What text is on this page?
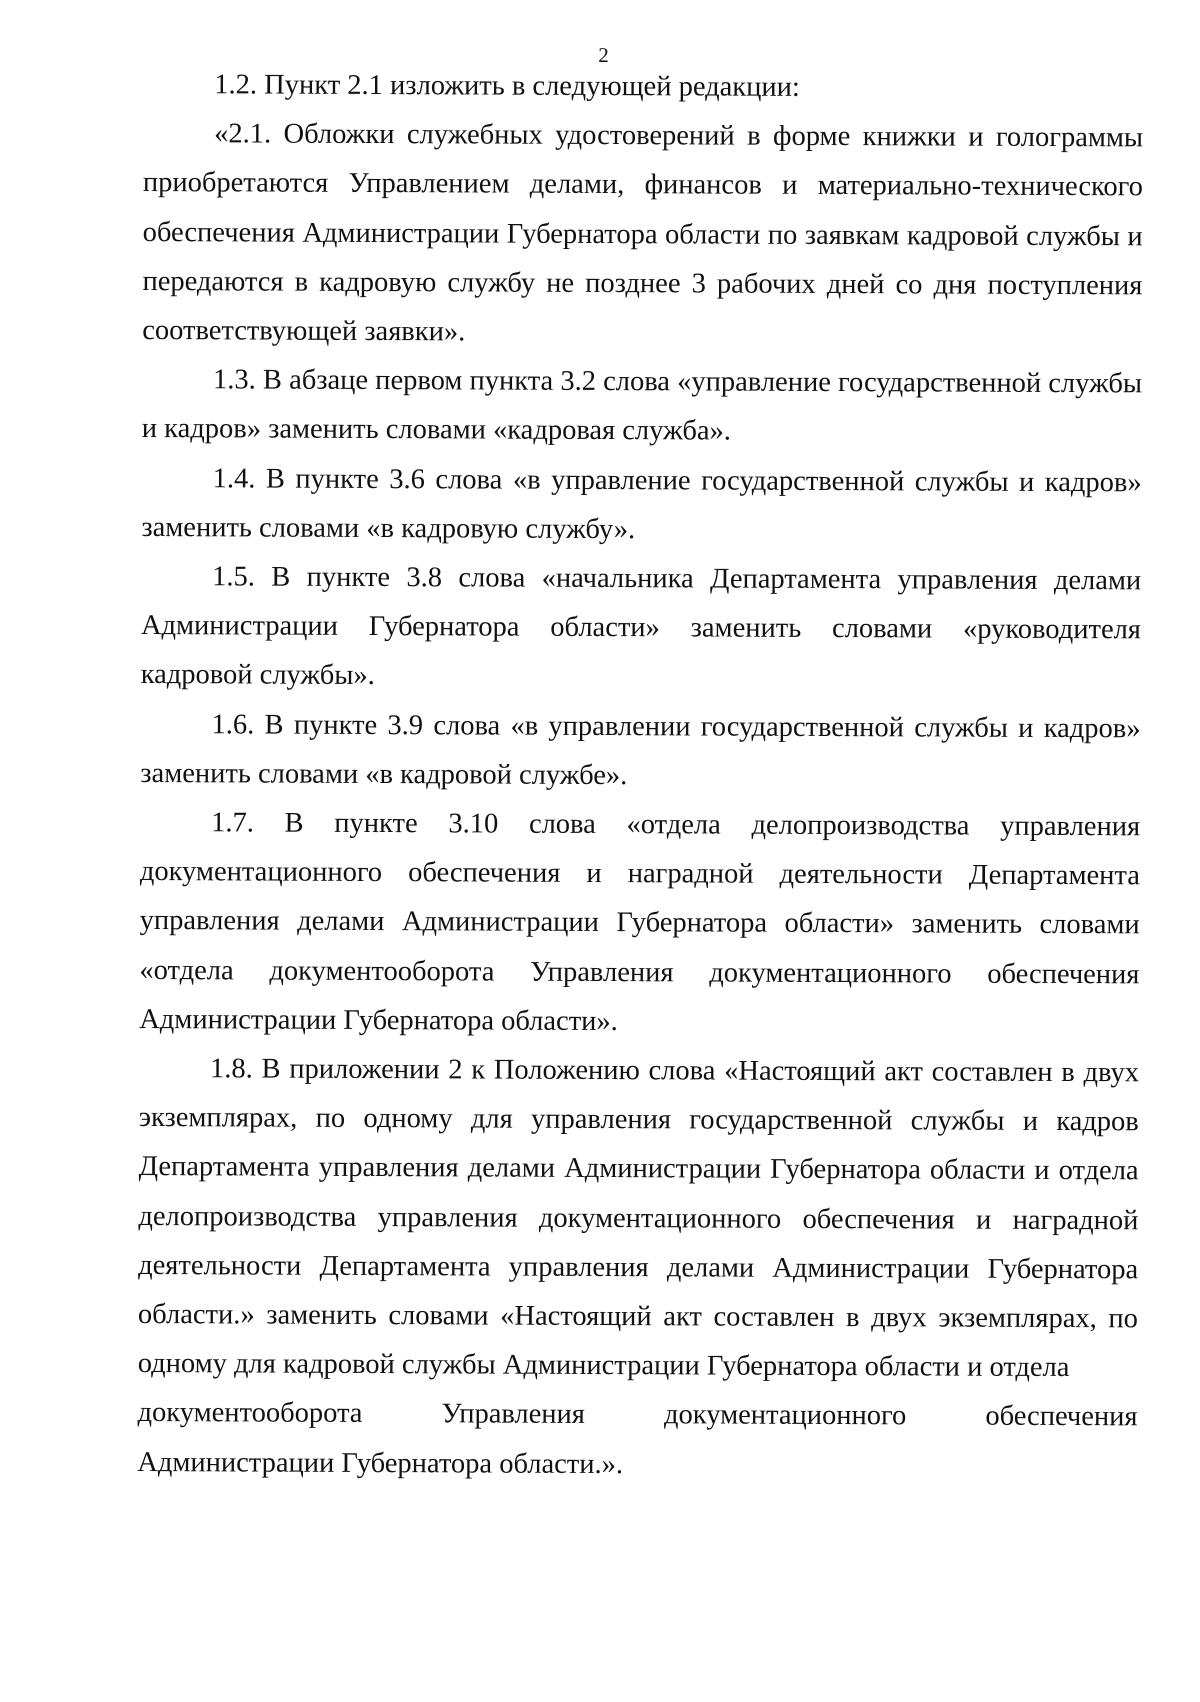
2

1.2. Пункт 2.1 изложить в следующей редакции:

«2.1. Обложки служебных удостоверений в форме книжки и голограммы приобретаются Управлением делами, финансов и материально-технического обеспечения Администрации Губернатора области по заявкам кадровой службы и передаются в кадровую службу не позднее 3 рабочих дней со дня поступления соответствующей заявки».

1.3. В абзаце первом пункта 3.2 слова «управление государственной службы и кадров» заменить словами «кадровая служба».

1.4. В пункте 3.6 слова «в управление государственной службы и кадров» заменить словами «в кадровую службу».

1.5. В пункте 3.8 слова «начальника Департамента управления делами Администрации Губернатора области» заменить словами «руководителя кадровой службы».

1.6. В пункте 3.9 слова «в управлении государственной службы и кадров» заменить словами «в кадровой службе».

1.7. В пункте 3.10 слова «отдела делопроизводства управления документационного обеспечения и наградной деятельности Департамента управления делами Администрации Губернатора области» заменить словами «отдела документооборота Управления документационного обеспечения Администрации Губернатора области».

1.8. В приложении 2 к Положению слова «Настоящий акт составлен в двух экземплярах, по одному для управления государственной службы и кадров Департамента управления делами Администрации Губернатора области и отдела делопроизводства управления документационного обеспечения и наградной деятельности Департамента управления делами Администрации Губернатора области.» заменить словами «Настоящий акт составлен в двух экземплярах, по одному для кадровой службы Администрации Губернатора области и отдела
документооборота Управления документационного обеспечения
Администрации Губернатора области.».
